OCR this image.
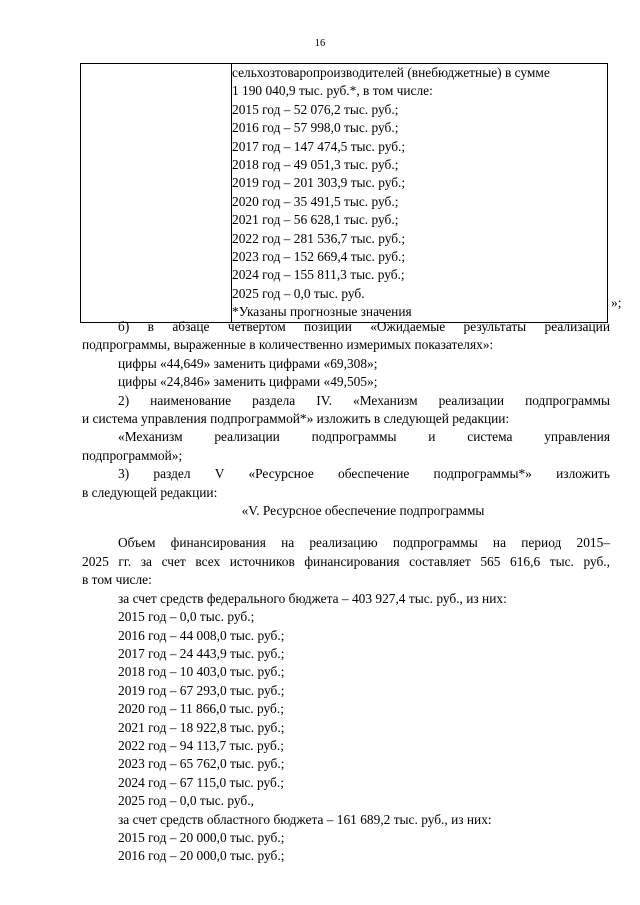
16

сельхозтоваропроизводителей (внебюджетные) в сумме
1 190 040,9 тыс. руб.*, в том числе:
2015 год – 52 076,2 тыс. руб.;
2016 год – 57 998,0 тыс. руб.;
2017 год – 147 474,5 тыс. руб.;
2018 год – 49 051,3 тыс. руб.;
2019 год – 201 303,9 тыс. руб.;
2020 год – 35 491,5 тыс. руб.;
2021 год – 56 628,1 тыс. руб.;
2022 год – 281 536,7 тыс. руб.;
2023 год – 152 669,4 тыс. руб.;
2024 год – 155 811,3 тыс. руб.;
2025 год – 0,0 тыс. руб.
*Указаны прогнозные значения
»;
б) в абзаце четвертом позиции «Ожидаемые результаты реализации
подпрограммы, выраженные в количественно измеримых показателях»:
цифры «44,649» заменить цифрами «69,308»;
цифры «24,846» заменить цифрами «49,505»;
2) наименование раздела IV. «Механизм реализации подпрограммы
и система управления подпрограммой*» изложить в следующей редакции:
«Механизм реализации подпрограммы и система управления
подпрограммой»;
3) раздел V «Ресурсное обеспечение подпрограммы*» изложить
в следующей редакции:
«V. Ресурсное обеспечение подпрограммы
Объем финансирования на реализацию подпрограммы на период 2015–
2025 гг. за счет всех источников финансирования составляет 565 616,6 тыс. руб.,
в том числе:
за счет средств федерального бюджета – 403 927,4 тыс. руб., из них:
2015 год – 0,0 тыс. руб.;
2016 год – 44 008,0 тыс. руб.;
2017 год – 24 443,9 тыс. руб.;
2018 год – 10 403,0 тыс. руб.;
2019 год – 67 293,0 тыс. руб.;
2020 год – 11 866,0 тыс. руб.;
2021 год – 18 922,8 тыс. руб.;
2022 год – 94 113,7 тыс. руб.;
2023 год – 65 762,0 тыс. руб.;
2024 год – 67 115,0 тыс. руб.;
2025 год – 0,0 тыс. руб.,
за счет средств областного бюджета – 161 689,2 тыс. руб., из них:
2015 год – 20 000,0 тыс. руб.;
2016 год – 20 000,0 тыс. руб.;
